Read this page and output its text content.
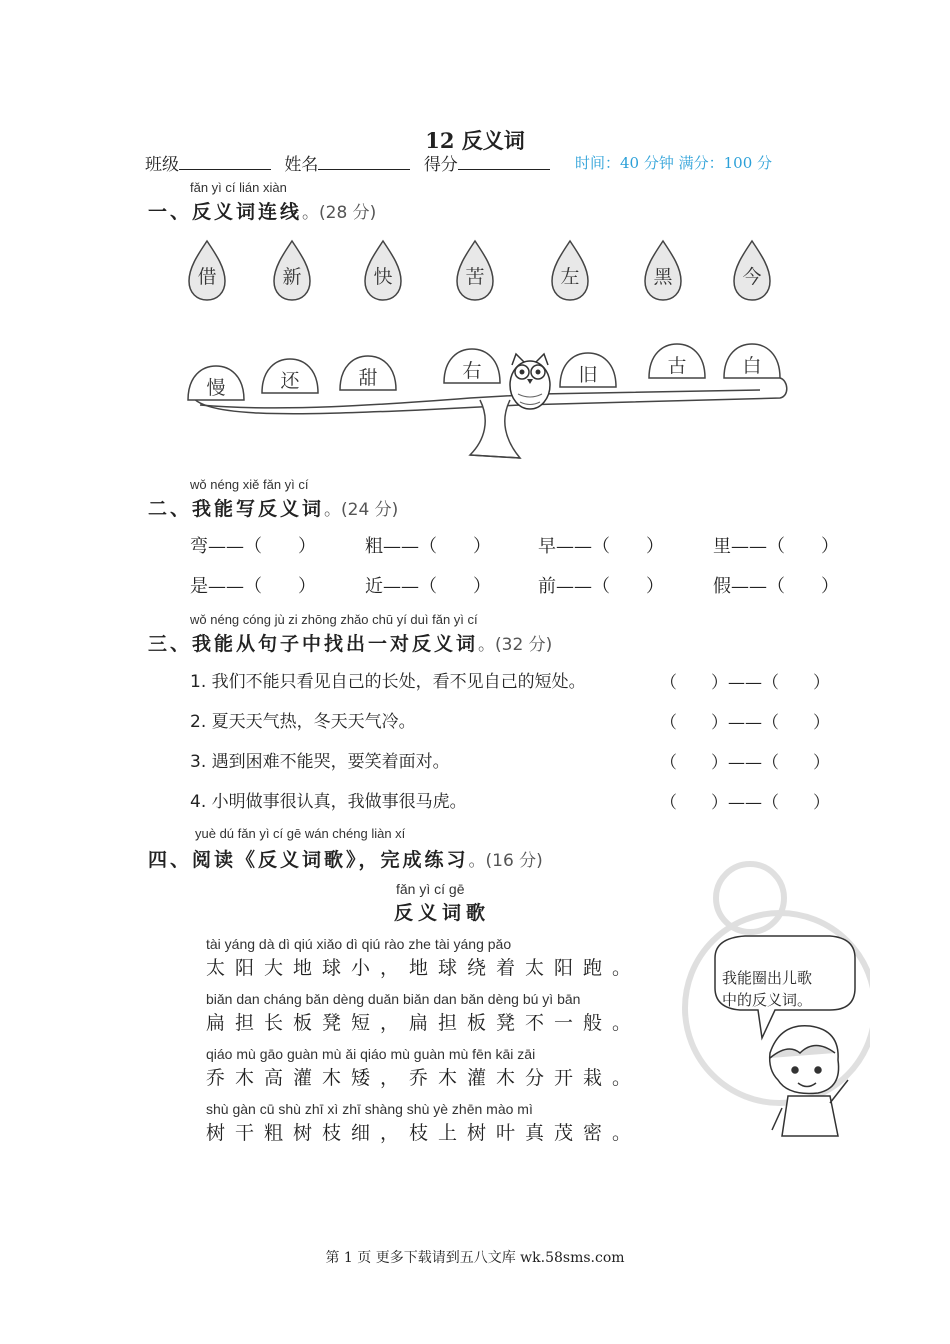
12 反义词
班级	姓名	得分	时间：40 分钟 满分：100 分
fǎn yì cí lián xiàn
一、反义词连线。(28 分)
借	新	快	苦	左	黑	今
慢	还	甜	右	旧	古	白
wǒ néng xiě fǎn yì cí
二、我能写反义词。(24 分)
弯——（　　）	粗——（　　）	早——（　　）	里——（　　）
是——（　　）	近——（　　）	前——（　　）	假——（　　）
wǒ néng cóng jù zi zhōng zhǎo chū yí duì fǎn yì cí
三、我能从句子中找出一对反义词。(32 分)
1. 我们不能只看见自己的长处，看不见自己的短处。	（　　）——（　　）
2. 夏天天气热，冬天天气冷。	（　　）——（　　）
3. 遇到困难不能哭，要笑着面对。	（　　）——（　　）
4. 小明做事很认真，我做事很马虎。	（　　）——（　　）
yuè dú fǎn yì cí gē wán chéng liàn xí
四、阅读《反义词歌》，完成练习。(16 分)
fǎn yì cí gē
反义词歌
tài yáng dà dì qiú xiǎo dì qiú rào zhe tài yáng pǎo
太阳大地球小，地球绕着太阳跑。
biǎn dan cháng bǎn dèng duǎn biǎn dan bǎn dèng bú yì bān
扁担长板凳短，扁担板凳不一般。
qiáo mù gāo guàn mù ǎi qiáo mù guàn mù fēn kāi zāi
乔木高灌木矮，乔木灌木分开栽。
shù gàn cū shù zhī xì zhī shàng shù yè zhēn mào mì
树干粗树枝细，枝上树叶真茂密。
我能圈出儿歌
中的反义词。
第 1 页 更多下载请到五八文库 wk.58sms.com
